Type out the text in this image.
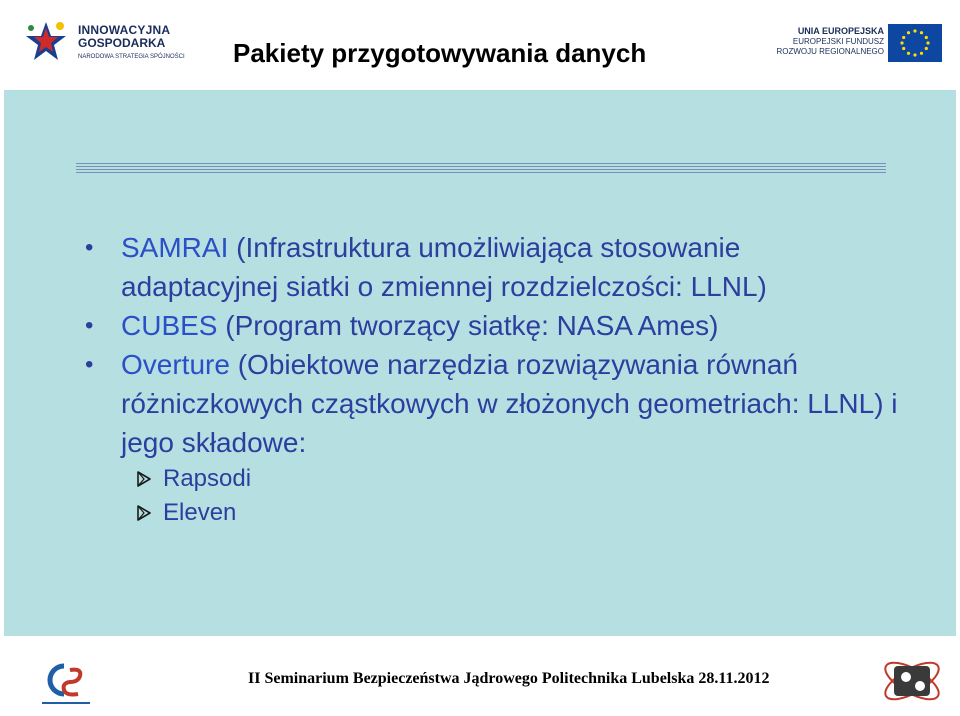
INNOWACYJNA
GOSPODARKA
NARODOWA STRATEGIA SPÓJNOŚCI Pakiety przygotowywania danych
UNIA EUROPEJSKA
EUROPEJSKI FUNDUSZ
ROZWOJU REGIONALNEGO
• SAMRAI (Infrastruktura umożliwiająca stosowanie adaptacyjnej siatki o zmiennej rozdzielczości: LLNL)
• CUBES (Program tworzący siatkę: NASA Ames)
• Overture (Obiektowe narzędzia rozwiązywania równań różniczkowych cząstkowych w złożonych geometriach: LLNL) i jego składowe:
Rapsodi
Eleven
II Seminarium Bezpieczeństwa Jądrowego Politechnika Lubelska 28.11.2012
